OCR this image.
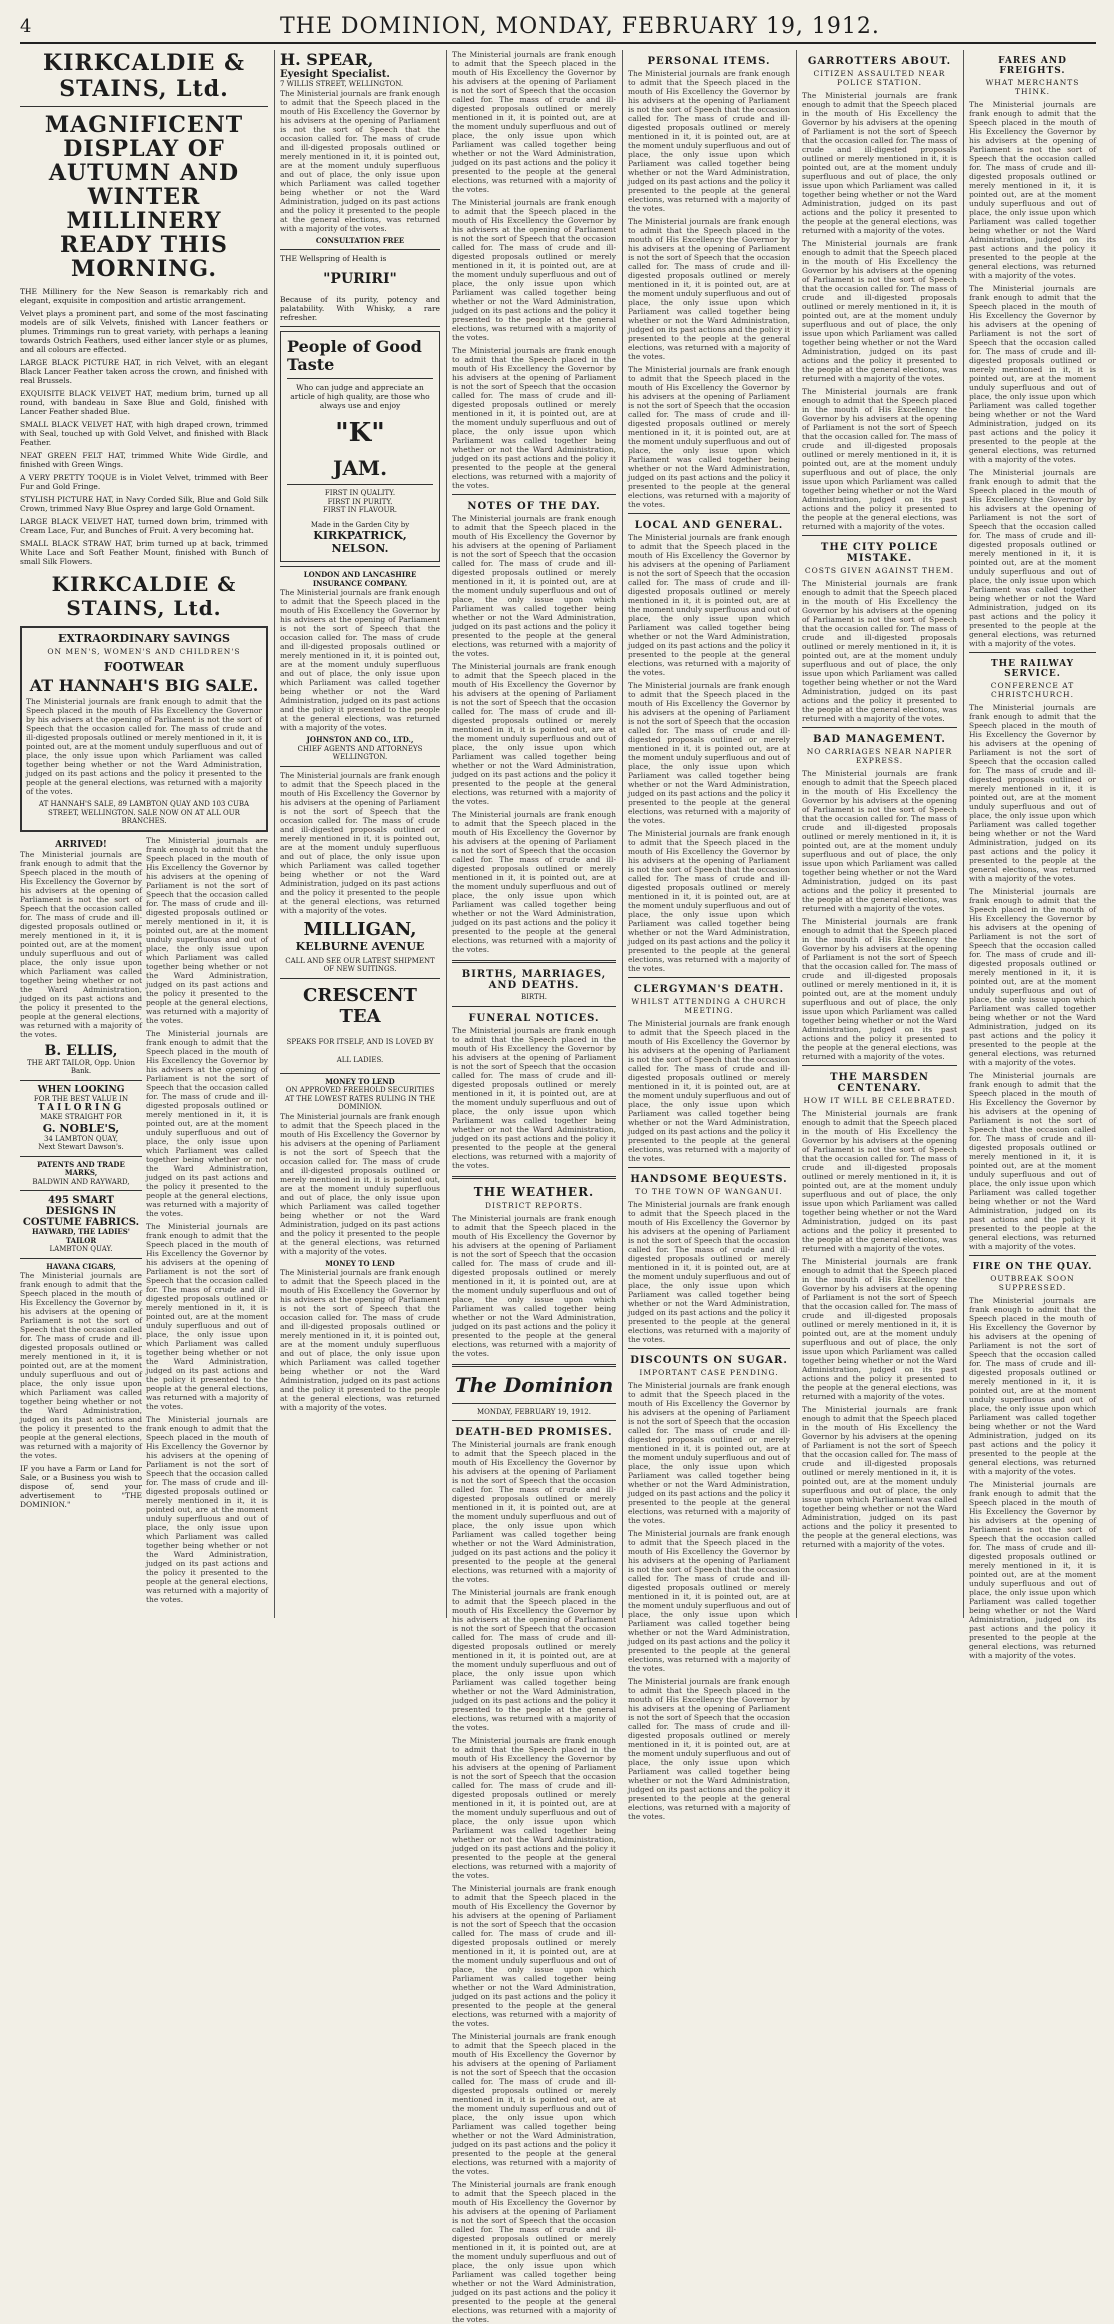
4	THE DOMINION, MONDAY, FEBRUARY 19, 1912.
KIRKCALDIE & STAINS, Ltd.
MAGNIFICENT DISPLAY OF AUTUMN AND WINTER MILLINERY READY THIS MORNING.

THE Millinery for the New Season is remarkably rich and elegant, exquisite in composition and artistic arrangement.

Velvet plays a prominent part, and some of the most fascinating models are of silk Velvets, finished with Lancer feathers or plumes. Trimmings run to great variety, with perhaps a leaning towards Ostrich Feathers, used either lancer style or as plumes, and all colours are effected.

LARGE BLACK PICTURE HAT, in rich Velvet, with an elegant Black Lancer Feather taken across the crown, and finished with real Brussels.

EXQUISITE BLACK VELVET HAT, medium brim, turned up all round, with bandeau in Saxe Blue and Gold, finished with Lancer Feather shaded Blue.

SMALL BLACK VELVET HAT, with high draped crown, trimmed with Seal, touched up with Gold Velvet, and finished with Black Feather.

NEAT GREEN FELT HAT, trimmed White Wide Girdle, and finished with Green Wings.

A VERY PRETTY TOQUE is in Violet Velvet, trimmed with Beer Fur and Gold Fringe.

STYLISH PICTURE HAT, in Navy Corded Silk, Blue and Gold Silk Crown, trimmed Navy Blue Osprey and large Gold Ornament.

LARGE BLACK VELVET HAT, turned down brim, trimmed with Cream Lace, Fur, and Bunches of Fruit. A very becoming hat.

SMALL BLACK STRAW HAT, brim turned up at back, trimmed White Lace and Soft Feather Mount, finished with Bunch of small Silk Flowers.

KIRKCALDIE & STAINS, Ltd.
EXTRAORDINARY SAVINGS
ON MEN'S, WOMEN'S AND CHILDREN'S
FOOTWEAR
AT HANNAH'S BIG SALE.

The Ministerial journals are frank enough to admit that the Speech placed in the mouth of His Excellency the Governor by his advisers at the opening of Parliament is not the sort of Speech that the occasion called for. The mass of crude and ill-digested proposals outlined or merely mentioned in it, it is pointed out, are at the moment unduly superfluous and out of place, the only issue upon which Parliament was called together being whether or not the Ward Administration, judged on its past actions and the policy it presented to the people at the general elections, was returned with a majority of the votes.

AT HANNAH'S SALE, 89 LAMBTON QUAY AND 103 CUBA STREET, WELLINGTON. SALE NOW ON AT ALL OUR BRANCHES.
ARRIVED!

The Ministerial journals are frank enough to admit that the Speech placed in the mouth of His Excellency the Governor by his advisers at the opening of Parliament is not the sort of Speech that the occasion called for. The mass of crude and ill-digested proposals outlined or merely mentioned in it, it is pointed out, are at the moment unduly superfluous and out of place, the only issue upon which Parliament was called together being whether or not the Ward Administration, judged on its past actions and the policy it presented to the people at the general elections, was returned with a majority of the votes.

B. ELLIS,
THE ART TAILOR, Opp. Union Bank.
WHEN LOOKING
FOR THE BEST VALUE IN
TAILORING
MAKE STRAIGHT FOR
G. NOBLE'S,
34 LAMBTON QUAY,
Next Stewart Dawson's.
PATENTS AND TRADE MARKS,
BALDWIN AND RAYWARD,
495 SMART DESIGNS IN COSTUME FABRICS.
HAYWARD, THE LADIES' TAILOR
LAMBTON QUAY.
HAVANA CIGARS,

The Ministerial journals are frank enough to admit that the Speech placed in the mouth of His Excellency the Governor by his advisers at the opening of Parliament is not the sort of Speech that the occasion called for. The mass of crude and ill-digested proposals outlined or merely mentioned in it, it is pointed out, are at the moment unduly superfluous and out of place, the only issue upon which Parliament was called together being whether or not the Ward Administration, judged on its past actions and the policy it presented to the people at the general elections, was returned with a majority of the votes.

IF you have a Farm or Land for Sale, or a Business you wish to dispose of, send your advertisement to "THE DOMINION."

The Ministerial journals are frank enough to admit that the Speech placed in the mouth of His Excellency the Governor by his advisers at the opening of Parliament is not the sort of Speech that the occasion called for. The mass of crude and ill-digested proposals outlined or merely mentioned in it, it is pointed out, are at the moment unduly superfluous and out of place, the only issue upon which Parliament was called together being whether or not the Ward Administration, judged on its past actions and the policy it presented to the people at the general elections, was returned with a majority of the votes.

The Ministerial journals are frank enough to admit that the Speech placed in the mouth of His Excellency the Governor by his advisers at the opening of Parliament is not the sort of Speech that the occasion called for. The mass of crude and ill-digested proposals outlined or merely mentioned in it, it is pointed out, are at the moment unduly superfluous and out of place, the only issue upon which Parliament was called together being whether or not the Ward Administration, judged on its past actions and the policy it presented to the people at the general elections, was returned with a majority of the votes.

The Ministerial journals are frank enough to admit that the Speech placed in the mouth of His Excellency the Governor by his advisers at the opening of Parliament is not the sort of Speech that the occasion called for. The mass of crude and ill-digested proposals outlined or merely mentioned in it, it is pointed out, are at the moment unduly superfluous and out of place, the only issue upon which Parliament was called together being whether or not the Ward Administration, judged on its past actions and the policy it presented to the people at the general elections, was returned with a majority of the votes.

The Ministerial journals are frank enough to admit that the Speech placed in the mouth of His Excellency the Governor by his advisers at the opening of Parliament is not the sort of Speech that the occasion called for. The mass of crude and ill-digested proposals outlined or merely mentioned in it, it is pointed out, are at the moment unduly superfluous and out of place, the only issue upon which Parliament was called together being whether or not the Ward Administration, judged on its past actions and the policy it presented to the people at the general elections, was returned with a majority of the votes.

H. SPEAR,
Eyesight Specialist.
7 WILLIS STREET, WELLINGTON.

The Ministerial journals are frank enough to admit that the Speech placed in the mouth of His Excellency the Governor by his advisers at the opening of Parliament is not the sort of Speech that the occasion called for. The mass of crude and ill-digested proposals outlined or merely mentioned in it, it is pointed out, are at the moment unduly superfluous and out of place, the only issue upon which Parliament was called together being whether or not the Ward Administration, judged on its past actions and the policy it presented to the people at the general elections, was returned with a majority of the votes.

CONSULTATION FREE

THE Wellspring of Health is

"PURIRI"

Because of its purity, potency and palatability. With Whisky, a rare refresher.

People of Good Taste

Who can judge and appreciate an article of high quality, are those who always use and enjoy

"K"
JAM.
FIRST IN QUALITY.
FIRST IN PURITY.
FIRST IN FLAVOUR.
Made in the Garden City by
KIRKPATRICK, NELSON.
LONDON AND LANCASHIRE INSURANCE COMPANY.

The Ministerial journals are frank enough to admit that the Speech placed in the mouth of His Excellency the Governor by his advisers at the opening of Parliament is not the sort of Speech that the occasion called for. The mass of crude and ill-digested proposals outlined or merely mentioned in it, it is pointed out, are at the moment unduly superfluous and out of place, the only issue upon which Parliament was called together being whether or not the Ward Administration, judged on its past actions and the policy it presented to the people at the general elections, was returned with a majority of the votes.

JOHNSTON AND CO., LTD.,
CHIEF AGENTS AND ATTORNEYS WELLINGTON.

The Ministerial journals are frank enough to admit that the Speech placed in the mouth of His Excellency the Governor by his advisers at the opening of Parliament is not the sort of Speech that the occasion called for. The mass of crude and ill-digested proposals outlined or merely mentioned in it, it is pointed out, are at the moment unduly superfluous and out of place, the only issue upon which Parliament was called together being whether or not the Ward Administration, judged on its past actions and the policy it presented to the people at the general elections, was returned with a majority of the votes.

MILLIGAN,
KELBURNE AVENUE
CALL AND SEE OUR LATEST SHIPMENT OF NEW SUITINGS.
CRESCENT TEA
SPEAKS FOR ITSELF, AND IS LOVED BY ALL LADIES.
MONEY TO LEND
ON APPROVED FREEHOLD SECURITIES AT THE LOWEST RATES RULING IN THE DOMINION.

The Ministerial journals are frank enough to admit that the Speech placed in the mouth of His Excellency the Governor by his advisers at the opening of Parliament is not the sort of Speech that the occasion called for. The mass of crude and ill-digested proposals outlined or merely mentioned in it, it is pointed out, are at the moment unduly superfluous and out of place, the only issue upon which Parliament was called together being whether or not the Ward Administration, judged on its past actions and the policy it presented to the people at the general elections, was returned with a majority of the votes.

MONEY TO LEND

The Ministerial journals are frank enough to admit that the Speech placed in the mouth of His Excellency the Governor by his advisers at the opening of Parliament is not the sort of Speech that the occasion called for. The mass of crude and ill-digested proposals outlined or merely mentioned in it, it is pointed out, are at the moment unduly superfluous and out of place, the only issue upon which Parliament was called together being whether or not the Ward Administration, judged on its past actions and the policy it presented to the people at the general elections, was returned with a majority of the votes.

The Ministerial journals are frank enough to admit that the Speech placed in the mouth of His Excellency the Governor by his advisers at the opening of Parliament is not the sort of Speech that the occasion called for. The mass of crude and ill-digested proposals outlined or merely mentioned in it, it is pointed out, are at the moment unduly superfluous and out of place, the only issue upon which Parliament was called together being whether or not the Ward Administration, judged on its past actions and the policy it presented to the people at the general elections, was returned with a majority of the votes.

The Ministerial journals are frank enough to admit that the Speech placed in the mouth of His Excellency the Governor by his advisers at the opening of Parliament is not the sort of Speech that the occasion called for. The mass of crude and ill-digested proposals outlined or merely mentioned in it, it is pointed out, are at the moment unduly superfluous and out of place, the only issue upon which Parliament was called together being whether or not the Ward Administration, judged on its past actions and the policy it presented to the people at the general elections, was returned with a majority of the votes.

The Ministerial journals are frank enough to admit that the Speech placed in the mouth of His Excellency the Governor by his advisers at the opening of Parliament is not the sort of Speech that the occasion called for. The mass of crude and ill-digested proposals outlined or merely mentioned in it, it is pointed out, are at the moment unduly superfluous and out of place, the only issue upon which Parliament was called together being whether or not the Ward Administration, judged on its past actions and the policy it presented to the people at the general elections, was returned with a majority of the votes.

NOTES OF THE DAY.

The Ministerial journals are frank enough to admit that the Speech placed in the mouth of His Excellency the Governor by his advisers at the opening of Parliament is not the sort of Speech that the occasion called for. The mass of crude and ill-digested proposals outlined or merely mentioned in it, it is pointed out, are at the moment unduly superfluous and out of place, the only issue upon which Parliament was called together being whether or not the Ward Administration, judged on its past actions and the policy it presented to the people at the general elections, was returned with a majority of the votes.

The Ministerial journals are frank enough to admit that the Speech placed in the mouth of His Excellency the Governor by his advisers at the opening of Parliament is not the sort of Speech that the occasion called for. The mass of crude and ill-digested proposals outlined or merely mentioned in it, it is pointed out, are at the moment unduly superfluous and out of place, the only issue upon which Parliament was called together being whether or not the Ward Administration, judged on its past actions and the policy it presented to the people at the general elections, was returned with a majority of the votes.

The Ministerial journals are frank enough to admit that the Speech placed in the mouth of His Excellency the Governor by his advisers at the opening of Parliament is not the sort of Speech that the occasion called for. The mass of crude and ill-digested proposals outlined or merely mentioned in it, it is pointed out, are at the moment unduly superfluous and out of place, the only issue upon which Parliament was called together being whether or not the Ward Administration, judged on its past actions and the policy it presented to the people at the general elections, was returned with a majority of the votes.

BIRTHS, MARRIAGES, AND DEATHS.
BIRTH.
FUNERAL NOTICES.

The Ministerial journals are frank enough to admit that the Speech placed in the mouth of His Excellency the Governor by his advisers at the opening of Parliament is not the sort of Speech that the occasion called for. The mass of crude and ill-digested proposals outlined or merely mentioned in it, it is pointed out, are at the moment unduly superfluous and out of place, the only issue upon which Parliament was called together being whether or not the Ward Administration, judged on its past actions and the policy it presented to the people at the general elections, was returned with a majority of the votes.

THE WEATHER.
DISTRICT REPORTS.

The Ministerial journals are frank enough to admit that the Speech placed in the mouth of His Excellency the Governor by his advisers at the opening of Parliament is not the sort of Speech that the occasion called for. The mass of crude and ill-digested proposals outlined or merely mentioned in it, it is pointed out, are at the moment unduly superfluous and out of place, the only issue upon which Parliament was called together being whether or not the Ward Administration, judged on its past actions and the policy it presented to the people at the general elections, was returned with a majority of the votes.

The Dominion
MONDAY, FEBRUARY 19, 1912.
DEATH-BED PROMISES.

The Ministerial journals are frank enough to admit that the Speech placed in the mouth of His Excellency the Governor by his advisers at the opening of Parliament is not the sort of Speech that the occasion called for. The mass of crude and ill-digested proposals outlined or merely mentioned in it, it is pointed out, are at the moment unduly superfluous and out of place, the only issue upon which Parliament was called together being whether or not the Ward Administration, judged on its past actions and the policy it presented to the people at the general elections, was returned with a majority of the votes.

The Ministerial journals are frank enough to admit that the Speech placed in the mouth of His Excellency the Governor by his advisers at the opening of Parliament is not the sort of Speech that the occasion called for. The mass of crude and ill-digested proposals outlined or merely mentioned in it, it is pointed out, are at the moment unduly superfluous and out of place, the only issue upon which Parliament was called together being whether or not the Ward Administration, judged on its past actions and the policy it presented to the people at the general elections, was returned with a majority of the votes.

The Ministerial journals are frank enough to admit that the Speech placed in the mouth of His Excellency the Governor by his advisers at the opening of Parliament is not the sort of Speech that the occasion called for. The mass of crude and ill-digested proposals outlined or merely mentioned in it, it is pointed out, are at the moment unduly superfluous and out of place, the only issue upon which Parliament was called together being whether or not the Ward Administration, judged on its past actions and the policy it presented to the people at the general elections, was returned with a majority of the votes.

The Ministerial journals are frank enough to admit that the Speech placed in the mouth of His Excellency the Governor by his advisers at the opening of Parliament is not the sort of Speech that the occasion called for. The mass of crude and ill-digested proposals outlined or merely mentioned in it, it is pointed out, are at the moment unduly superfluous and out of place, the only issue upon which Parliament was called together being whether or not the Ward Administration, judged on its past actions and the policy it presented to the people at the general elections, was returned with a majority of the votes.

The Ministerial journals are frank enough to admit that the Speech placed in the mouth of His Excellency the Governor by his advisers at the opening of Parliament is not the sort of Speech that the occasion called for. The mass of crude and ill-digested proposals outlined or merely mentioned in it, it is pointed out, are at the moment unduly superfluous and out of place, the only issue upon which Parliament was called together being whether or not the Ward Administration, judged on its past actions and the policy it presented to the people at the general elections, was returned with a majority of the votes.

The Ministerial journals are frank enough to admit that the Speech placed in the mouth of His Excellency the Governor by his advisers at the opening of Parliament is not the sort of Speech that the occasion called for. The mass of crude and ill-digested proposals outlined or merely mentioned in it, it is pointed out, are at the moment unduly superfluous and out of place, the only issue upon which Parliament was called together being whether or not the Ward Administration, judged on its past actions and the policy it presented to the people at the general elections, was returned with a majority of the votes.

PERSONAL ITEMS.

The Ministerial journals are frank enough to admit that the Speech placed in the mouth of His Excellency the Governor by his advisers at the opening of Parliament is not the sort of Speech that the occasion called for. The mass of crude and ill-digested proposals outlined or merely mentioned in it, it is pointed out, are at the moment unduly superfluous and out of place, the only issue upon which Parliament was called together being whether or not the Ward Administration, judged on its past actions and the policy it presented to the people at the general elections, was returned with a majority of the votes.

The Ministerial journals are frank enough to admit that the Speech placed in the mouth of His Excellency the Governor by his advisers at the opening of Parliament is not the sort of Speech that the occasion called for. The mass of crude and ill-digested proposals outlined or merely mentioned in it, it is pointed out, are at the moment unduly superfluous and out of place, the only issue upon which Parliament was called together being whether or not the Ward Administration, judged on its past actions and the policy it presented to the people at the general elections, was returned with a majority of the votes.

The Ministerial journals are frank enough to admit that the Speech placed in the mouth of His Excellency the Governor by his advisers at the opening of Parliament is not the sort of Speech that the occasion called for. The mass of crude and ill-digested proposals outlined or merely mentioned in it, it is pointed out, are at the moment unduly superfluous and out of place, the only issue upon which Parliament was called together being whether or not the Ward Administration, judged on its past actions and the policy it presented to the people at the general elections, was returned with a majority of the votes.

LOCAL AND GENERAL.

The Ministerial journals are frank enough to admit that the Speech placed in the mouth of His Excellency the Governor by his advisers at the opening of Parliament is not the sort of Speech that the occasion called for. The mass of crude and ill-digested proposals outlined or merely mentioned in it, it is pointed out, are at the moment unduly superfluous and out of place, the only issue upon which Parliament was called together being whether or not the Ward Administration, judged on its past actions and the policy it presented to the people at the general elections, was returned with a majority of the votes.

The Ministerial journals are frank enough to admit that the Speech placed in the mouth of His Excellency the Governor by his advisers at the opening of Parliament is not the sort of Speech that the occasion called for. The mass of crude and ill-digested proposals outlined or merely mentioned in it, it is pointed out, are at the moment unduly superfluous and out of place, the only issue upon which Parliament was called together being whether or not the Ward Administration, judged on its past actions and the policy it presented to the people at the general elections, was returned with a majority of the votes.

The Ministerial journals are frank enough to admit that the Speech placed in the mouth of His Excellency the Governor by his advisers at the opening of Parliament is not the sort of Speech that the occasion called for. The mass of crude and ill-digested proposals outlined or merely mentioned in it, it is pointed out, are at the moment unduly superfluous and out of place, the only issue upon which Parliament was called together being whether or not the Ward Administration, judged on its past actions and the policy it presented to the people at the general elections, was returned with a majority of the votes.

CLERGYMAN'S DEATH.
WHILST ATTENDING A CHURCH MEETING.

The Ministerial journals are frank enough to admit that the Speech placed in the mouth of His Excellency the Governor by his advisers at the opening of Parliament is not the sort of Speech that the occasion called for. The mass of crude and ill-digested proposals outlined or merely mentioned in it, it is pointed out, are at the moment unduly superfluous and out of place, the only issue upon which Parliament was called together being whether or not the Ward Administration, judged on its past actions and the policy it presented to the people at the general elections, was returned with a majority of the votes.

HANDSOME BEQUESTS.
TO THE TOWN OF WANGANUI.

The Ministerial journals are frank enough to admit that the Speech placed in the mouth of His Excellency the Governor by his advisers at the opening of Parliament is not the sort of Speech that the occasion called for. The mass of crude and ill-digested proposals outlined or merely mentioned in it, it is pointed out, are at the moment unduly superfluous and out of place, the only issue upon which Parliament was called together being whether or not the Ward Administration, judged on its past actions and the policy it presented to the people at the general elections, was returned with a majority of the votes.

DISCOUNTS ON SUGAR.
IMPORTANT CASE PENDING.

The Ministerial journals are frank enough to admit that the Speech placed in the mouth of His Excellency the Governor by his advisers at the opening of Parliament is not the sort of Speech that the occasion called for. The mass of crude and ill-digested proposals outlined or merely mentioned in it, it is pointed out, are at the moment unduly superfluous and out of place, the only issue upon which Parliament was called together being whether or not the Ward Administration, judged on its past actions and the policy it presented to the people at the general elections, was returned with a majority of the votes.

The Ministerial journals are frank enough to admit that the Speech placed in the mouth of His Excellency the Governor by his advisers at the opening of Parliament is not the sort of Speech that the occasion called for. The mass of crude and ill-digested proposals outlined or merely mentioned in it, it is pointed out, are at the moment unduly superfluous and out of place, the only issue upon which Parliament was called together being whether or not the Ward Administration, judged on its past actions and the policy it presented to the people at the general elections, was returned with a majority of the votes.

The Ministerial journals are frank enough to admit that the Speech placed in the mouth of His Excellency the Governor by his advisers at the opening of Parliament is not the sort of Speech that the occasion called for. The mass of crude and ill-digested proposals outlined or merely mentioned in it, it is pointed out, are at the moment unduly superfluous and out of place, the only issue upon which Parliament was called together being whether or not the Ward Administration, judged on its past actions and the policy it presented to the people at the general elections, was returned with a majority of the votes.

GARROTTERS ABOUT.
CITIZEN ASSAULTED NEAR POLICE STATION.

The Ministerial journals are frank enough to admit that the Speech placed in the mouth of His Excellency the Governor by his advisers at the opening of Parliament is not the sort of Speech that the occasion called for. The mass of crude and ill-digested proposals outlined or merely mentioned in it, it is pointed out, are at the moment unduly superfluous and out of place, the only issue upon which Parliament was called together being whether or not the Ward Administration, judged on its past actions and the policy it presented to the people at the general elections, was returned with a majority of the votes.

The Ministerial journals are frank enough to admit that the Speech placed in the mouth of His Excellency the Governor by his advisers at the opening of Parliament is not the sort of Speech that the occasion called for. The mass of crude and ill-digested proposals outlined or merely mentioned in it, it is pointed out, are at the moment unduly superfluous and out of place, the only issue upon which Parliament was called together being whether or not the Ward Administration, judged on its past actions and the policy it presented to the people at the general elections, was returned with a majority of the votes.

The Ministerial journals are frank enough to admit that the Speech placed in the mouth of His Excellency the Governor by his advisers at the opening of Parliament is not the sort of Speech that the occasion called for. The mass of crude and ill-digested proposals outlined or merely mentioned in it, it is pointed out, are at the moment unduly superfluous and out of place, the only issue upon which Parliament was called together being whether or not the Ward Administration, judged on its past actions and the policy it presented to the people at the general elections, was returned with a majority of the votes.

THE CITY POLICE MISTAKE.
COSTS GIVEN AGAINST THEM.

The Ministerial journals are frank enough to admit that the Speech placed in the mouth of His Excellency the Governor by his advisers at the opening of Parliament is not the sort of Speech that the occasion called for. The mass of crude and ill-digested proposals outlined or merely mentioned in it, it is pointed out, are at the moment unduly superfluous and out of place, the only issue upon which Parliament was called together being whether or not the Ward Administration, judged on its past actions and the policy it presented to the people at the general elections, was returned with a majority of the votes.

BAD MANAGEMENT.
NO CARRIAGES NEAR NAPIER EXPRESS.

The Ministerial journals are frank enough to admit that the Speech placed in the mouth of His Excellency the Governor by his advisers at the opening of Parliament is not the sort of Speech that the occasion called for. The mass of crude and ill-digested proposals outlined or merely mentioned in it, it is pointed out, are at the moment unduly superfluous and out of place, the only issue upon which Parliament was called together being whether or not the Ward Administration, judged on its past actions and the policy it presented to the people at the general elections, was returned with a majority of the votes.

The Ministerial journals are frank enough to admit that the Speech placed in the mouth of His Excellency the Governor by his advisers at the opening of Parliament is not the sort of Speech that the occasion called for. The mass of crude and ill-digested proposals outlined or merely mentioned in it, it is pointed out, are at the moment unduly superfluous and out of place, the only issue upon which Parliament was called together being whether or not the Ward Administration, judged on its past actions and the policy it presented to the people at the general elections, was returned with a majority of the votes.

THE MARSDEN CENTENARY.
HOW IT WILL BE CELEBRATED.

The Ministerial journals are frank enough to admit that the Speech placed in the mouth of His Excellency the Governor by his advisers at the opening of Parliament is not the sort of Speech that the occasion called for. The mass of crude and ill-digested proposals outlined or merely mentioned in it, it is pointed out, are at the moment unduly superfluous and out of place, the only issue upon which Parliament was called together being whether or not the Ward Administration, judged on its past actions and the policy it presented to the people at the general elections, was returned with a majority of the votes.

The Ministerial journals are frank enough to admit that the Speech placed in the mouth of His Excellency the Governor by his advisers at the opening of Parliament is not the sort of Speech that the occasion called for. The mass of crude and ill-digested proposals outlined or merely mentioned in it, it is pointed out, are at the moment unduly superfluous and out of place, the only issue upon which Parliament was called together being whether or not the Ward Administration, judged on its past actions and the policy it presented to the people at the general elections, was returned with a majority of the votes.

The Ministerial journals are frank enough to admit that the Speech placed in the mouth of His Excellency the Governor by his advisers at the opening of Parliament is not the sort of Speech that the occasion called for. The mass of crude and ill-digested proposals outlined or merely mentioned in it, it is pointed out, are at the moment unduly superfluous and out of place, the only issue upon which Parliament was called together being whether or not the Ward Administration, judged on its past actions and the policy it presented to the people at the general elections, was returned with a majority of the votes.

FARES AND FREIGHTS.
WHAT MERCHANTS THINK.

The Ministerial journals are frank enough to admit that the Speech placed in the mouth of His Excellency the Governor by his advisers at the opening of Parliament is not the sort of Speech that the occasion called for. The mass of crude and ill-digested proposals outlined or merely mentioned in it, it is pointed out, are at the moment unduly superfluous and out of place, the only issue upon which Parliament was called together being whether or not the Ward Administration, judged on its past actions and the policy it presented to the people at the general elections, was returned with a majority of the votes.

The Ministerial journals are frank enough to admit that the Speech placed in the mouth of His Excellency the Governor by his advisers at the opening of Parliament is not the sort of Speech that the occasion called for. The mass of crude and ill-digested proposals outlined or merely mentioned in it, it is pointed out, are at the moment unduly superfluous and out of place, the only issue upon which Parliament was called together being whether or not the Ward Administration, judged on its past actions and the policy it presented to the people at the general elections, was returned with a majority of the votes.

The Ministerial journals are frank enough to admit that the Speech placed in the mouth of His Excellency the Governor by his advisers at the opening of Parliament is not the sort of Speech that the occasion called for. The mass of crude and ill-digested proposals outlined or merely mentioned in it, it is pointed out, are at the moment unduly superfluous and out of place, the only issue upon which Parliament was called together being whether or not the Ward Administration, judged on its past actions and the policy it presented to the people at the general elections, was returned with a majority of the votes.

THE RAILWAY SERVICE.
CONFERENCE AT CHRISTCHURCH.

The Ministerial journals are frank enough to admit that the Speech placed in the mouth of His Excellency the Governor by his advisers at the opening of Parliament is not the sort of Speech that the occasion called for. The mass of crude and ill-digested proposals outlined or merely mentioned in it, it is pointed out, are at the moment unduly superfluous and out of place, the only issue upon which Parliament was called together being whether or not the Ward Administration, judged on its past actions and the policy it presented to the people at the general elections, was returned with a majority of the votes.

The Ministerial journals are frank enough to admit that the Speech placed in the mouth of His Excellency the Governor by his advisers at the opening of Parliament is not the sort of Speech that the occasion called for. The mass of crude and ill-digested proposals outlined or merely mentioned in it, it is pointed out, are at the moment unduly superfluous and out of place, the only issue upon which Parliament was called together being whether or not the Ward Administration, judged on its past actions and the policy it presented to the people at the general elections, was returned with a majority of the votes.

The Ministerial journals are frank enough to admit that the Speech placed in the mouth of His Excellency the Governor by his advisers at the opening of Parliament is not the sort of Speech that the occasion called for. The mass of crude and ill-digested proposals outlined or merely mentioned in it, it is pointed out, are at the moment unduly superfluous and out of place, the only issue upon which Parliament was called together being whether or not the Ward Administration, judged on its past actions and the policy it presented to the people at the general elections, was returned with a majority of the votes.

FIRE ON THE QUAY.
OUTBREAK SOON SUPPRESSED.

The Ministerial journals are frank enough to admit that the Speech placed in the mouth of His Excellency the Governor by his advisers at the opening of Parliament is not the sort of Speech that the occasion called for. The mass of crude and ill-digested proposals outlined or merely mentioned in it, it is pointed out, are at the moment unduly superfluous and out of place, the only issue upon which Parliament was called together being whether or not the Ward Administration, judged on its past actions and the policy it presented to the people at the general elections, was returned with a majority of the votes.

The Ministerial journals are frank enough to admit that the Speech placed in the mouth of His Excellency the Governor by his advisers at the opening of Parliament is not the sort of Speech that the occasion called for. The mass of crude and ill-digested proposals outlined or merely mentioned in it, it is pointed out, are at the moment unduly superfluous and out of place, the only issue upon which Parliament was called together being whether or not the Ward Administration, judged on its past actions and the policy it presented to the people at the general elections, was returned with a majority of the votes.
